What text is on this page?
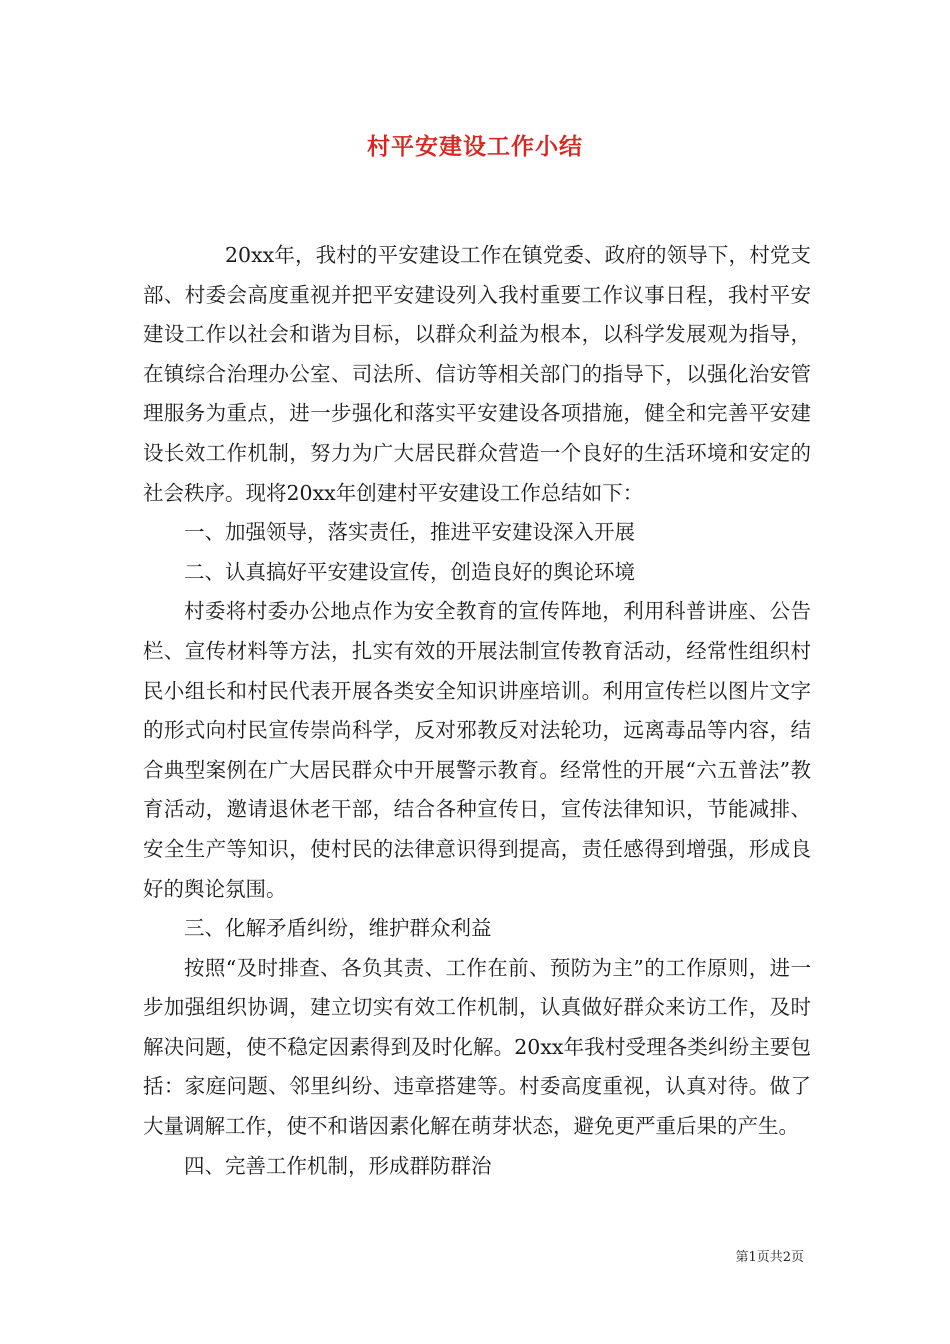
村平安建设工作小结

20xx年，我村的平安建设工作在镇党委、政府的领导下，村党支部、村委会高度重视并把平安建设列入我村重要工作议事日程，我村平安建设工作以社会和谐为目标，以群众利益为根本，以科学发展观为指导，在镇综合治理办公室、司法所、信访等相关部门的指导下，以强化治安管理服务为重点，进一步强化和落实平安建设各项措施，健全和完善平安建设长效工作机制，努力为广大居民群众营造一个良好的生活环境和安定的社会秩序。现将20xx年创建村平安建设工作总结如下：

一、加强领导，落实责任，推进平安建设深入开展

二、认真搞好平安建设宣传，创造良好的舆论环境

村委将村委办公地点作为安全教育的宣传阵地，利用科普讲座、公告栏、宣传材料等方法，扎实有效的开展法制宣传教育活动，经常性组织村民小组长和村民代表开展各类安全知识讲座培训。利用宣传栏以图片文字的形式向村民宣传崇尚科学，反对邪教反对法轮功，远离毒品等内容，结合典型案例在广大居民群众中开展警示教育。经常性的开展“六五普法”教育活动，邀请退休老干部，结合各种宣传日，宣传法律知识，节能减排、安全生产等知识，使村民的法律意识得到提高，责任感得到增强，形成良好的舆论氛围。

三、化解矛盾纠纷，维护群众利益

按照“及时排查、各负其责、工作在前、预防为主”的工作原则，进一步加强组织协调，建立切实有效工作机制，认真做好群众来访工作，及时解决问题，使不稳定因素得到及时化解。20xx年我村受理各类纠纷主要包括：家庭问题、邻里纠纷、违章搭建等。村委高度重视，认真对待。做了大量调解工作，使不和谐因素化解在萌芽状态，避免更严重后果的产生。

四、完善工作机制，形成群防群治

第1页共2页
